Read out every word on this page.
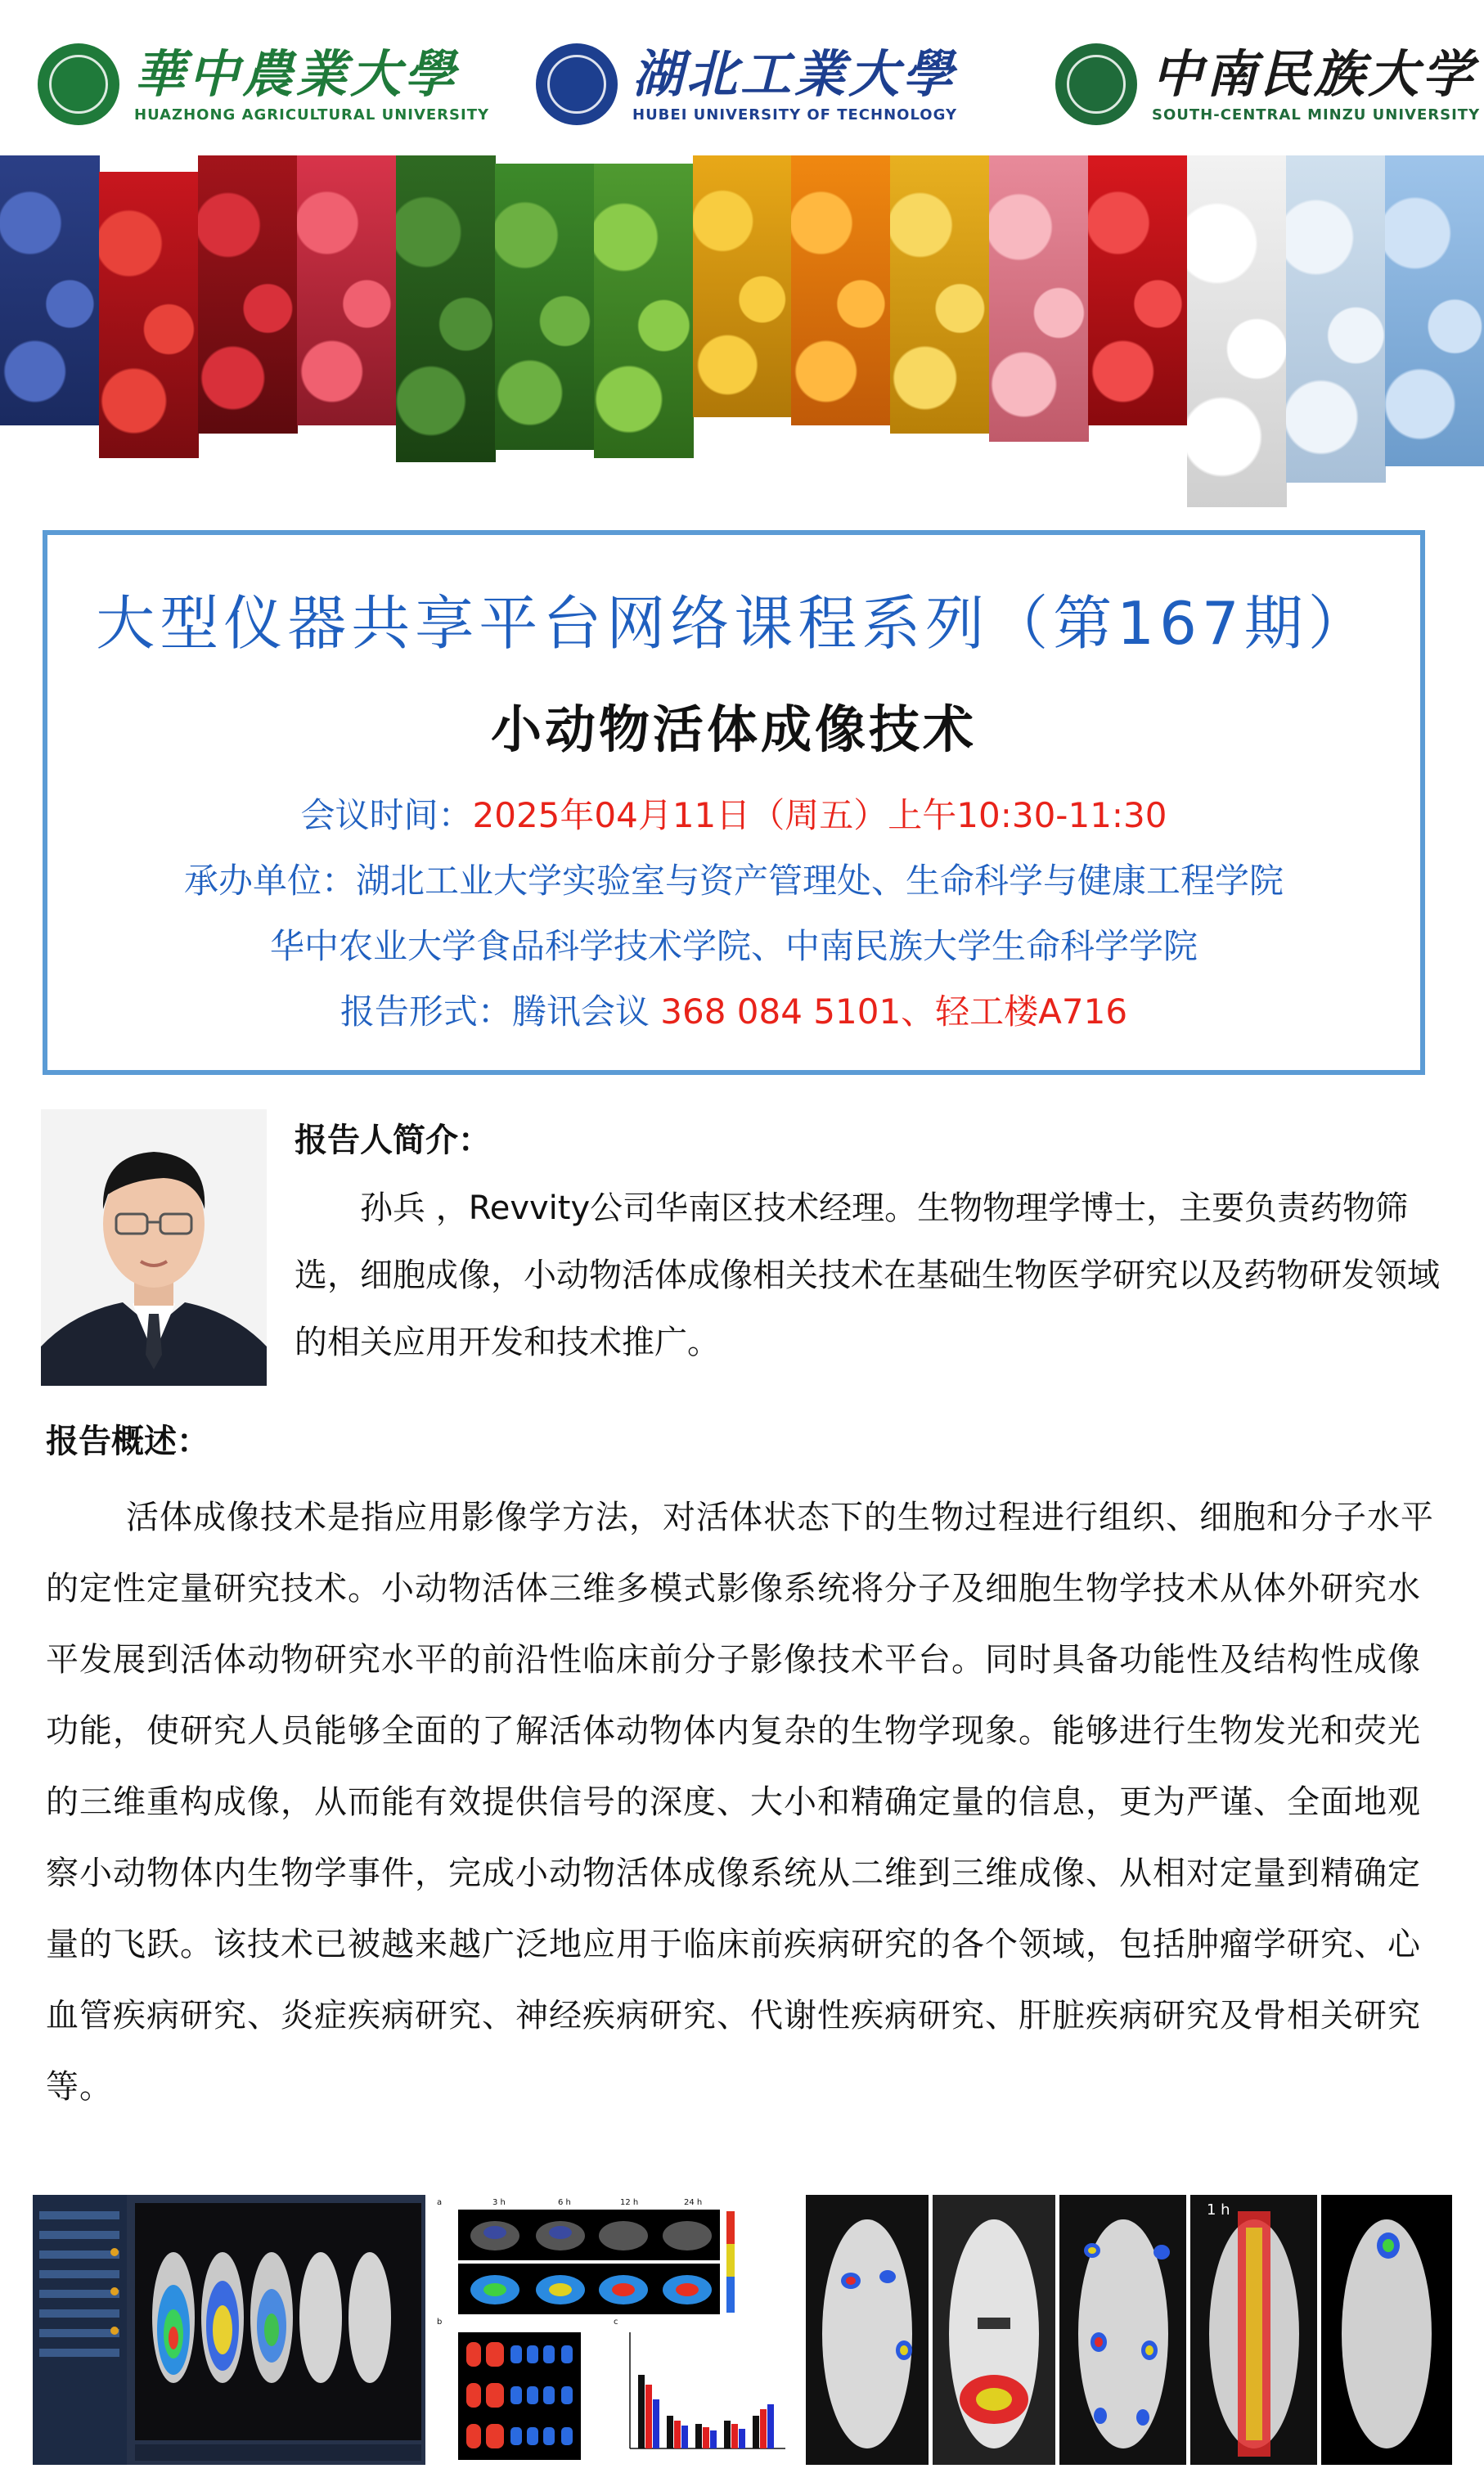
華中農業大學
HUAZHONG AGRICULTURAL UNIVERSITY
湖北工業大學
HUBEI UNIVERSITY OF TECHNOLOGY
中南民族大学
SOUTH-CENTRAL MINZU UNIVERSITY
大型仪器共享平台网络课程系列（第167期）
小动物活体成像技术
会议时间：2025年04月11日（周五）上午10:30-11:30
承办单位：湖北工业大学实验室与资产管理处、生命科学与健康工程学院
华中农业大学食品科学技术学院、中南民族大学生命科学学院
报告形式：腾讯会议 368 084 5101、轻工楼A716
报告人简介：
孙兵 ，Revvity公司华南区技术经理。生物物理学博士，主要负责药物筛选，细胞成像，小动物活体成像相关技术在基础生物医学研究以及药物研发领域的相关应用开发和技术推广。
报告概述：
活体成像技术是指应用影像学方法，对活体状态下的生物过程进行组织、细胞和分子水平的定性定量研究技术。小动物活体三维多模式影像系统将分子及细胞生物学技术从体外研究水平发展到活体动物研究水平的前沿性临床前分子影像技术平台。同时具备功能性及结构性成像功能，使研究人员能够全面的了解活体动物体内复杂的生物学现象。能够进行生物发光和荧光的三维重构成像，从而能有效提供信号的深度、大小和精确定量的信息，更为严谨、全面地观察小动物体内生物学事件，完成小动物活体成像系统从二维到三维成像、从相对定量到精确定量的飞跃。该技术已被越来越广泛地应用于临床前疾病研究的各个领域，包括肿瘤学研究、心血管疾病研究、炎症疾病研究、神经疾病研究、代谢性疾病研究、肝脏疾病研究及骨相关研究等。
a	3 h	6 h	12 h	24 h
b	c
1 h
